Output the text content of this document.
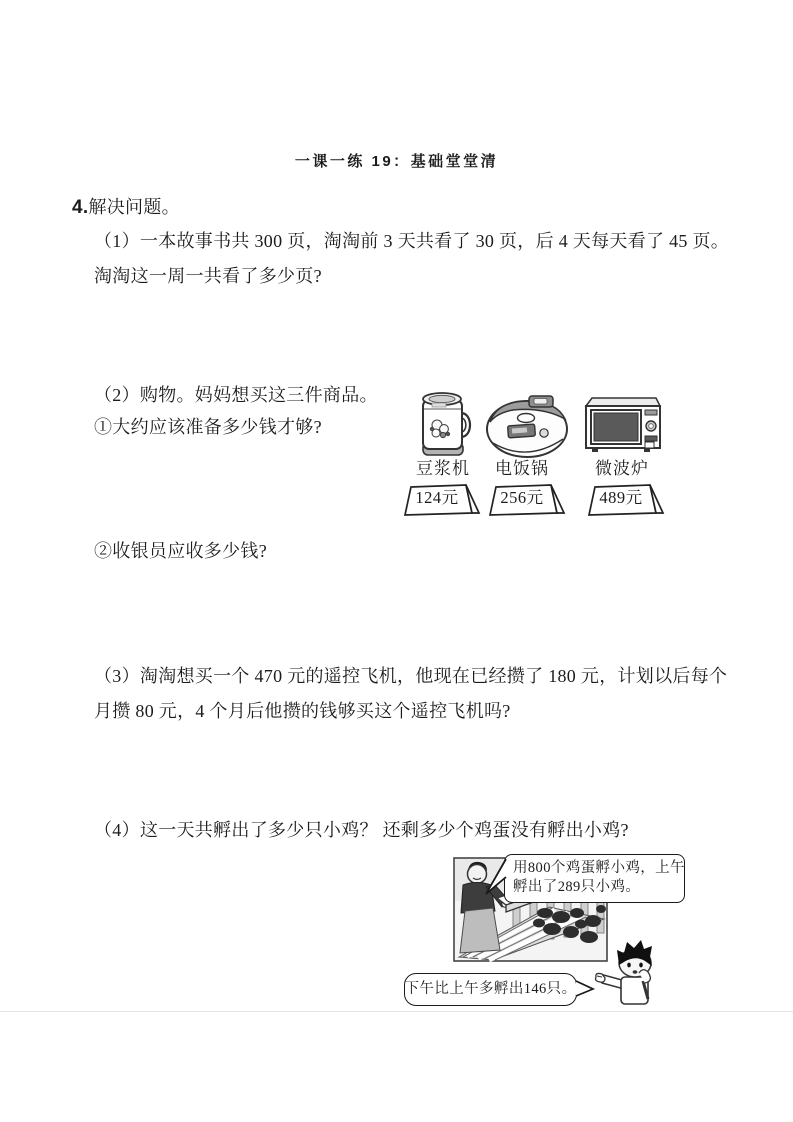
一课一练 19：基础堂堂清
4.解决问题。
（1）一本故事书共 300 页，淘淘前 3 天共看了 30 页，后 4 天每天看了 45 页。
淘淘这一周一共看了多少页?
（2）购物。妈妈想买这三件商品。
①大约应该准备多少钱才够?
豆浆机	电饭锅	微波炉
124元	256元	489元
②收银员应收多少钱?
（3）淘淘想买一个 470 元的遥控飞机，他现在已经攒了 180 元，计划以后每个
月攒 80 元，4 个月后他攒的钱够买这个遥控飞机吗?
（4）这一天共孵出了多少只小鸡？ 还剩多少个鸡蛋没有孵出小鸡?
用800个鸡蛋孵小鸡，上午
孵出了289只小鸡。
下午比上午多孵出146只。
